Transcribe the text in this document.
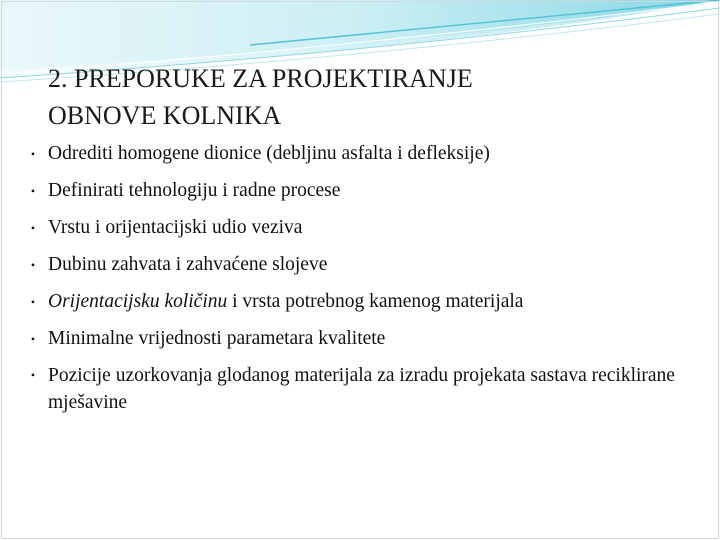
2. PREPORUKE ZA PROJEKTIRANJE
OBNOVE KOLNIKA
• Odrediti homogene dionice (debljinu asfalta i defleksije)
• Definirati tehnologiju i radne procese
• Vrstu i orijentacijski udio veziva
• Dubinu zahvata i zahvaćene slojeve
• Orijentacijsku količinu i vrsta potrebnog kamenog materijala
• Minimalne vrijednosti parametara kvalitete
• Pozicije uzorkovanja glodanog materijala za izradu projekata sastava reciklirane mješavine
